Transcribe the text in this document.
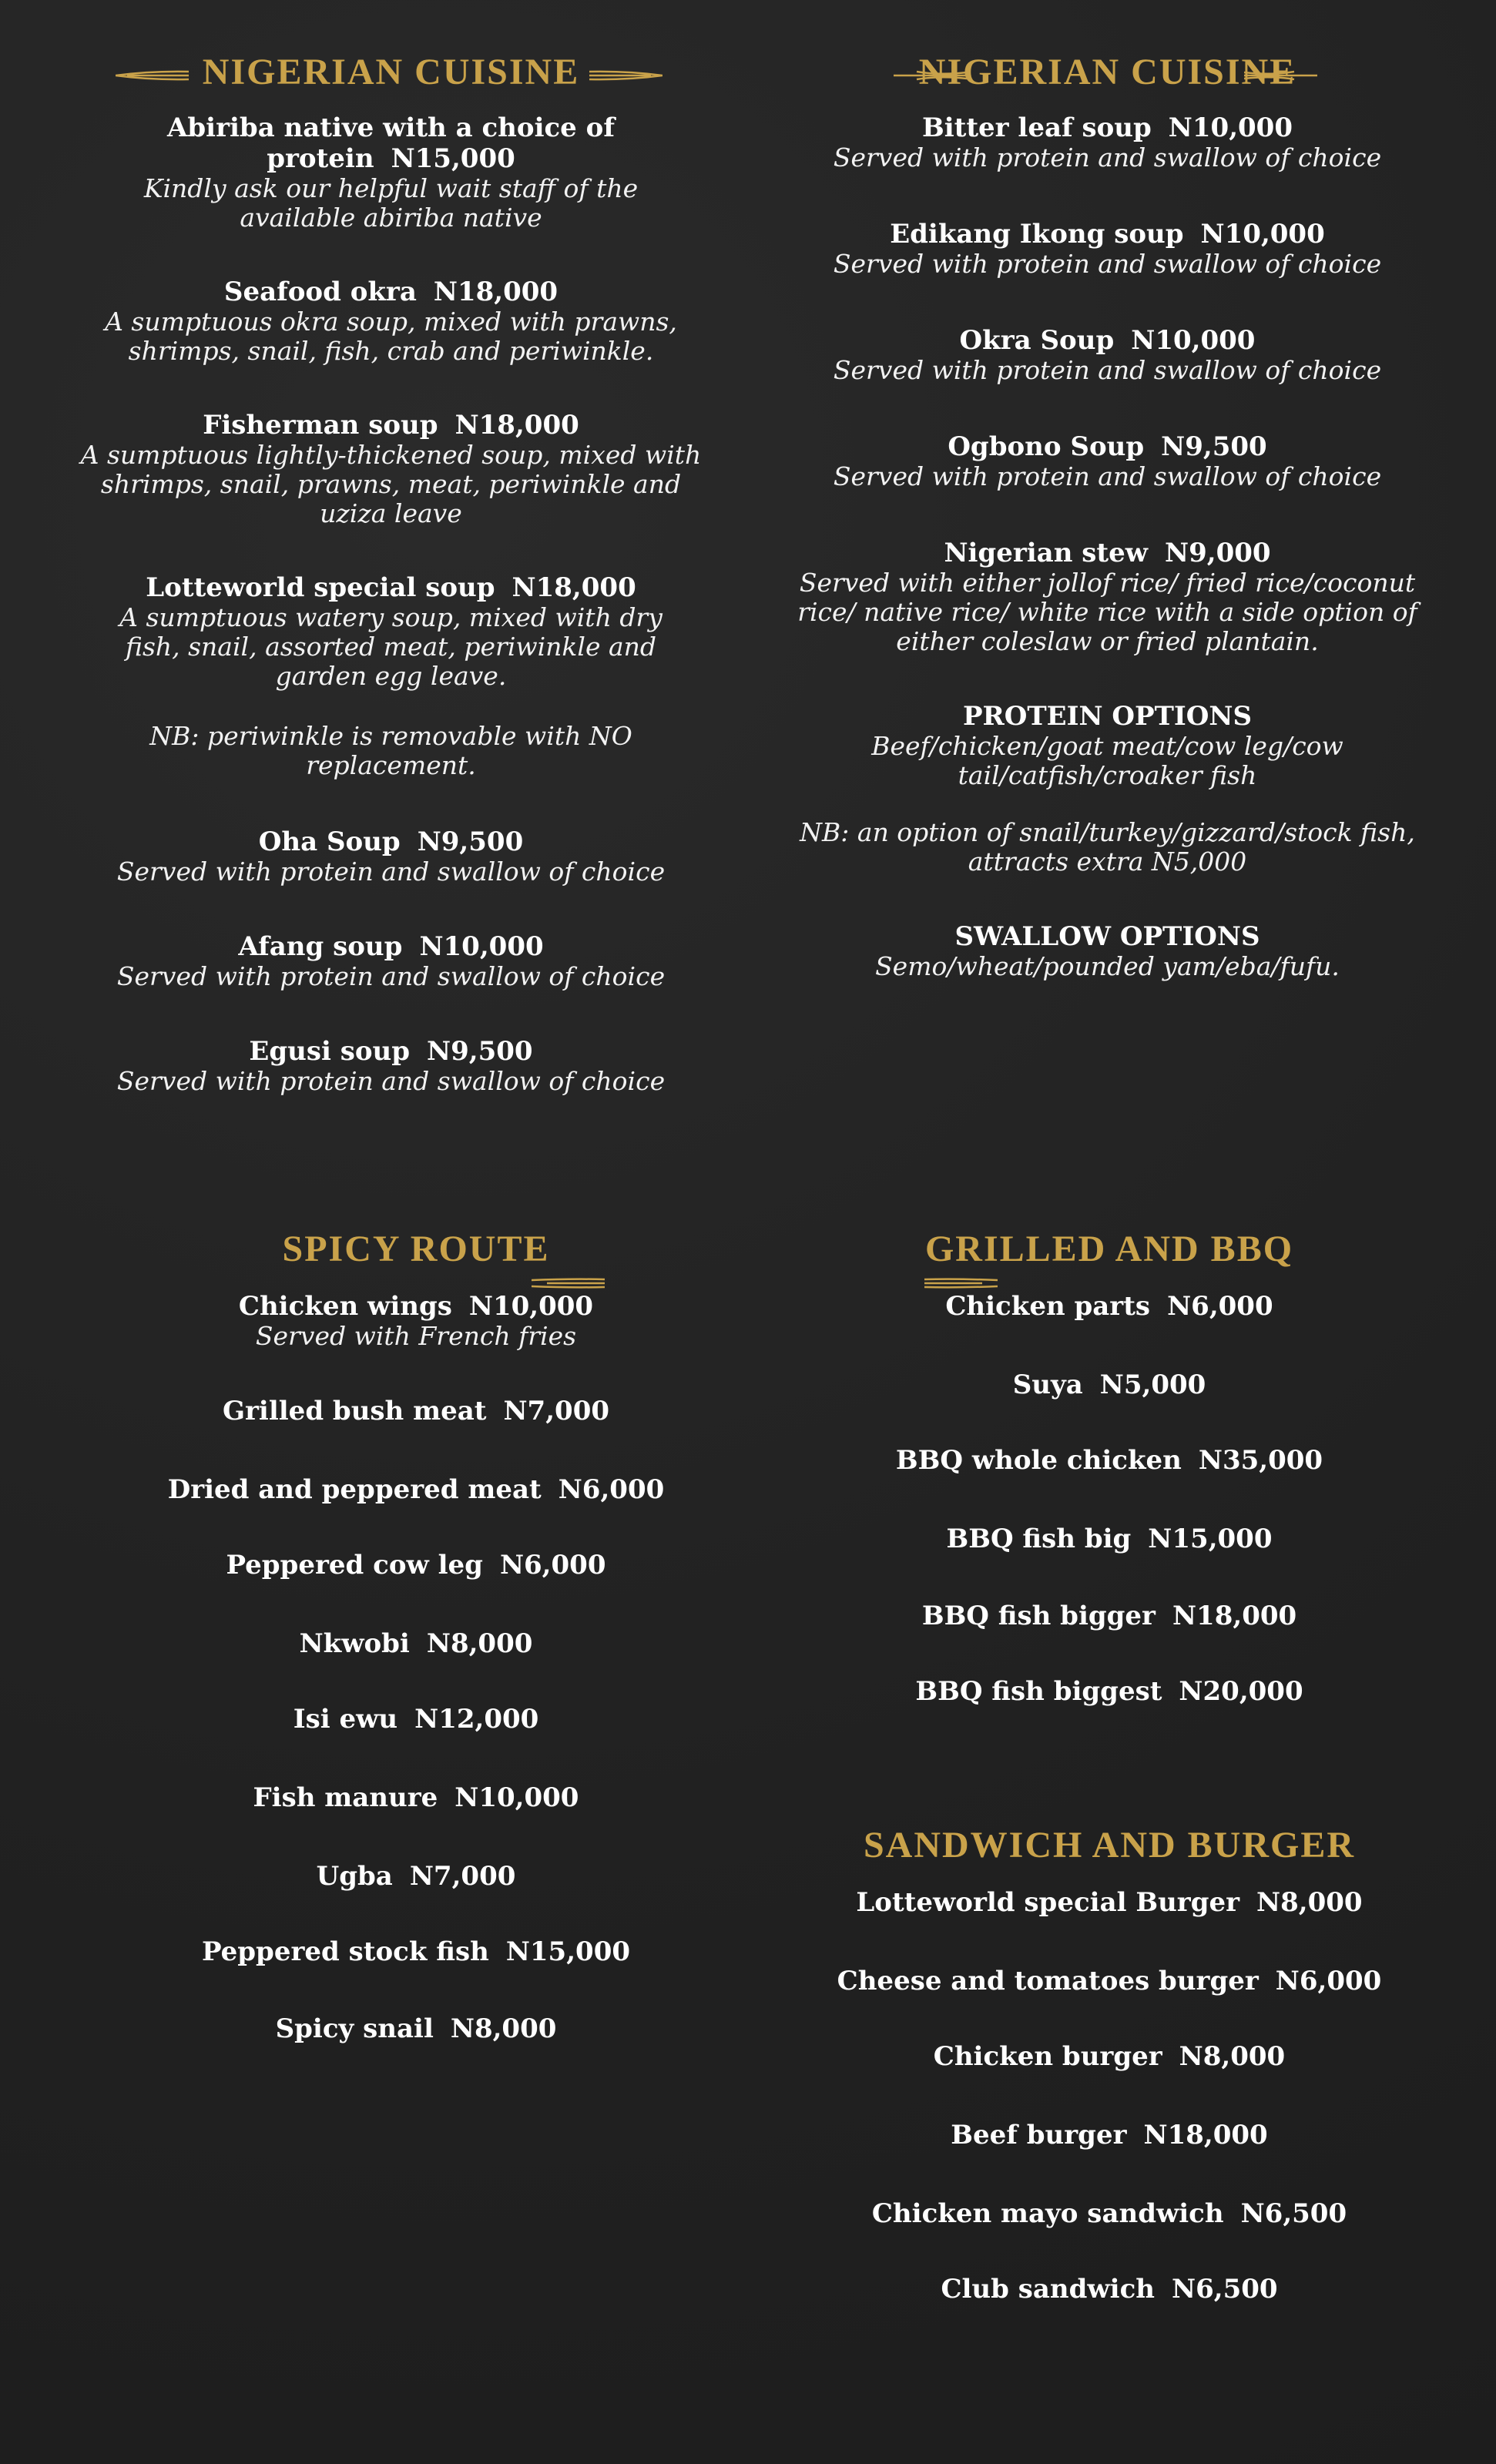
NIGERIAN CUISINE
Abiriba native with a choice of protein N15,000
Kindly ask our helpful wait staff of the available abiriba native
Seafood okra N18,000
A sumptuous okra soup, mixed with prawns, shrimps, snail, fish, crab and periwinkle.
Fisherman soup N18,000
A sumptuous lightly-thickened soup, mixed with shrimps, snail, prawns, meat, periwinkle and uziza leave
Lotteworld special soup N18,000
A sumptuous watery soup, mixed with dry fish, snail, assorted meat, periwinkle and garden egg leave.
NB: periwinkle is removable with NO replacement.
Oha Soup N9,500
Served with protein and swallow of choice
Afang soup N10,000
Served with protein and swallow of choice
Egusi soup N9,500
Served with protein and swallow of choice
NIGERIAN CUISINE
Bitter leaf soup N10,000
Served with protein and swallow of choice
Edikang Ikong soup N10,000
Served with protein and swallow of choice
Okra Soup N10,000
Served with protein and swallow of choice
Ogbono Soup N9,500
Served with protein and swallow of choice
Nigerian stew N9,000
Served with either jollof rice/ fried rice/coconut rice/ native rice/ white rice with a side option of either coleslaw or fried plantain.
PROTEIN OPTIONS
Beef/chicken/goat meat/cow leg/cow tail/catfish/croaker fish
NB: an option of snail/turkey/gizzard/stock fish, attracts extra N5,000
SWALLOW OPTIONS
Semo/wheat/pounded yam/eba/fufu.
SPICY ROUTE
Chicken wings N10,000
Served with French fries
Grilled bush meat N7,000
Dried and peppered meat N6,000
Peppered cow leg N6,000
Nkwobi N8,000
Isi ewu N12,000
Fish manure N10,000
Ugba N7,000
Peppered stock fish N15,000
Spicy snail N8,000
GRILLED AND BBQ
Chicken parts N6,000
Suya N5,000
BBQ whole chicken N35,000
BBQ fish big N15,000
BBQ fish bigger N18,000
BBQ fish biggest N20,000
SANDWICH AND BURGER
Lotteworld special Burger N8,000
Cheese and tomatoes burger N6,000
Chicken burger N8,000
Beef burger N18,000
Chicken mayo sandwich N6,500
Club sandwich N6,500
